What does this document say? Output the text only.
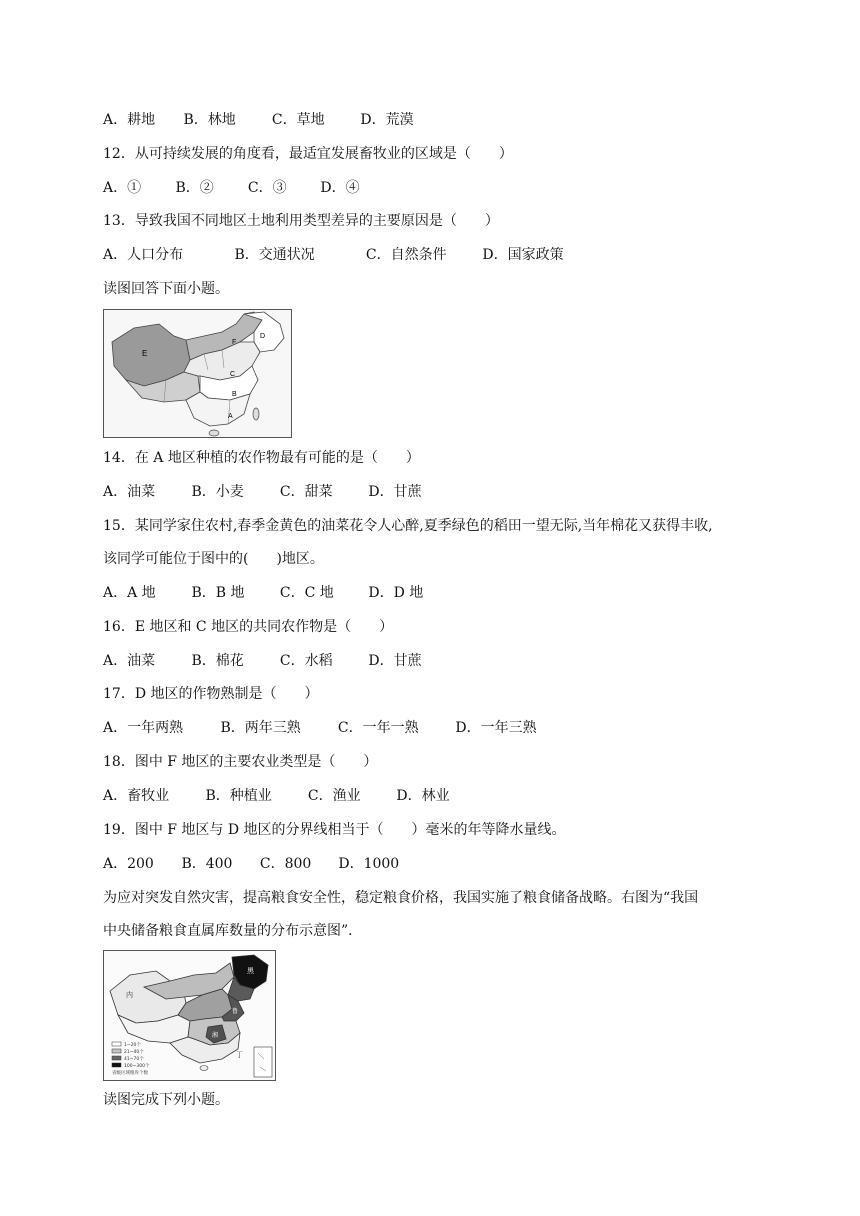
A．耕地 B．林地	C．草地	D．荒漠
12．从可持续发展的角度看，最适宜发展畜牧业的区域是（　　）
A．① B．② C．③ D．④
13．导致我国不同地区土地利用类型差异的主要原因是（　　）
A．人口分布	B．交通状况	C．自然条件	D．国家政策
读图回答下面小题。
E
F
D
C
B
A
14．在 A 地区种植的农作物最有可能的是（　　）
A．油菜	B．小麦	C．甜菜	D．甘蔗
15．某同学家住农村,春季金黄色的油菜花令人心醉,夏季绿色的稻田一望无际,当年棉花又获得丰收,
该同学可能位于图中的(　　)地区。
A．A 地	B．B 地	C．C 地 D．D 地
16．E 地区和 C 地区的共同农作物是（　　）
A．油菜	B．棉花	C．水稻	D．甘蔗
17．D 地区的作物熟制是（　　）
A．一年两熟	B．两年三熟	C．一年一熟	D．一年三熟
18．图中 F 地区的主要农业类型是（　　）
A．畜牧业	B．种植业	C．渔业	D．林业
19．图中 F 地区与 D 地区的分界线相当于（　　）毫米的年等降水量线。
A．200 B．400 C．800 D．1000
为应对突发自然灾害，提高粮食安全性，稳定粮食价格，我国实施了粮食储备战略。右图为“我国
中央储备粮食直属库数量的分布示意图”．
黑
内
鲁
湘
丁
1~20个
21~40个
41~70个
100~300个
省级区域粮库个数
读图完成下列小题。
